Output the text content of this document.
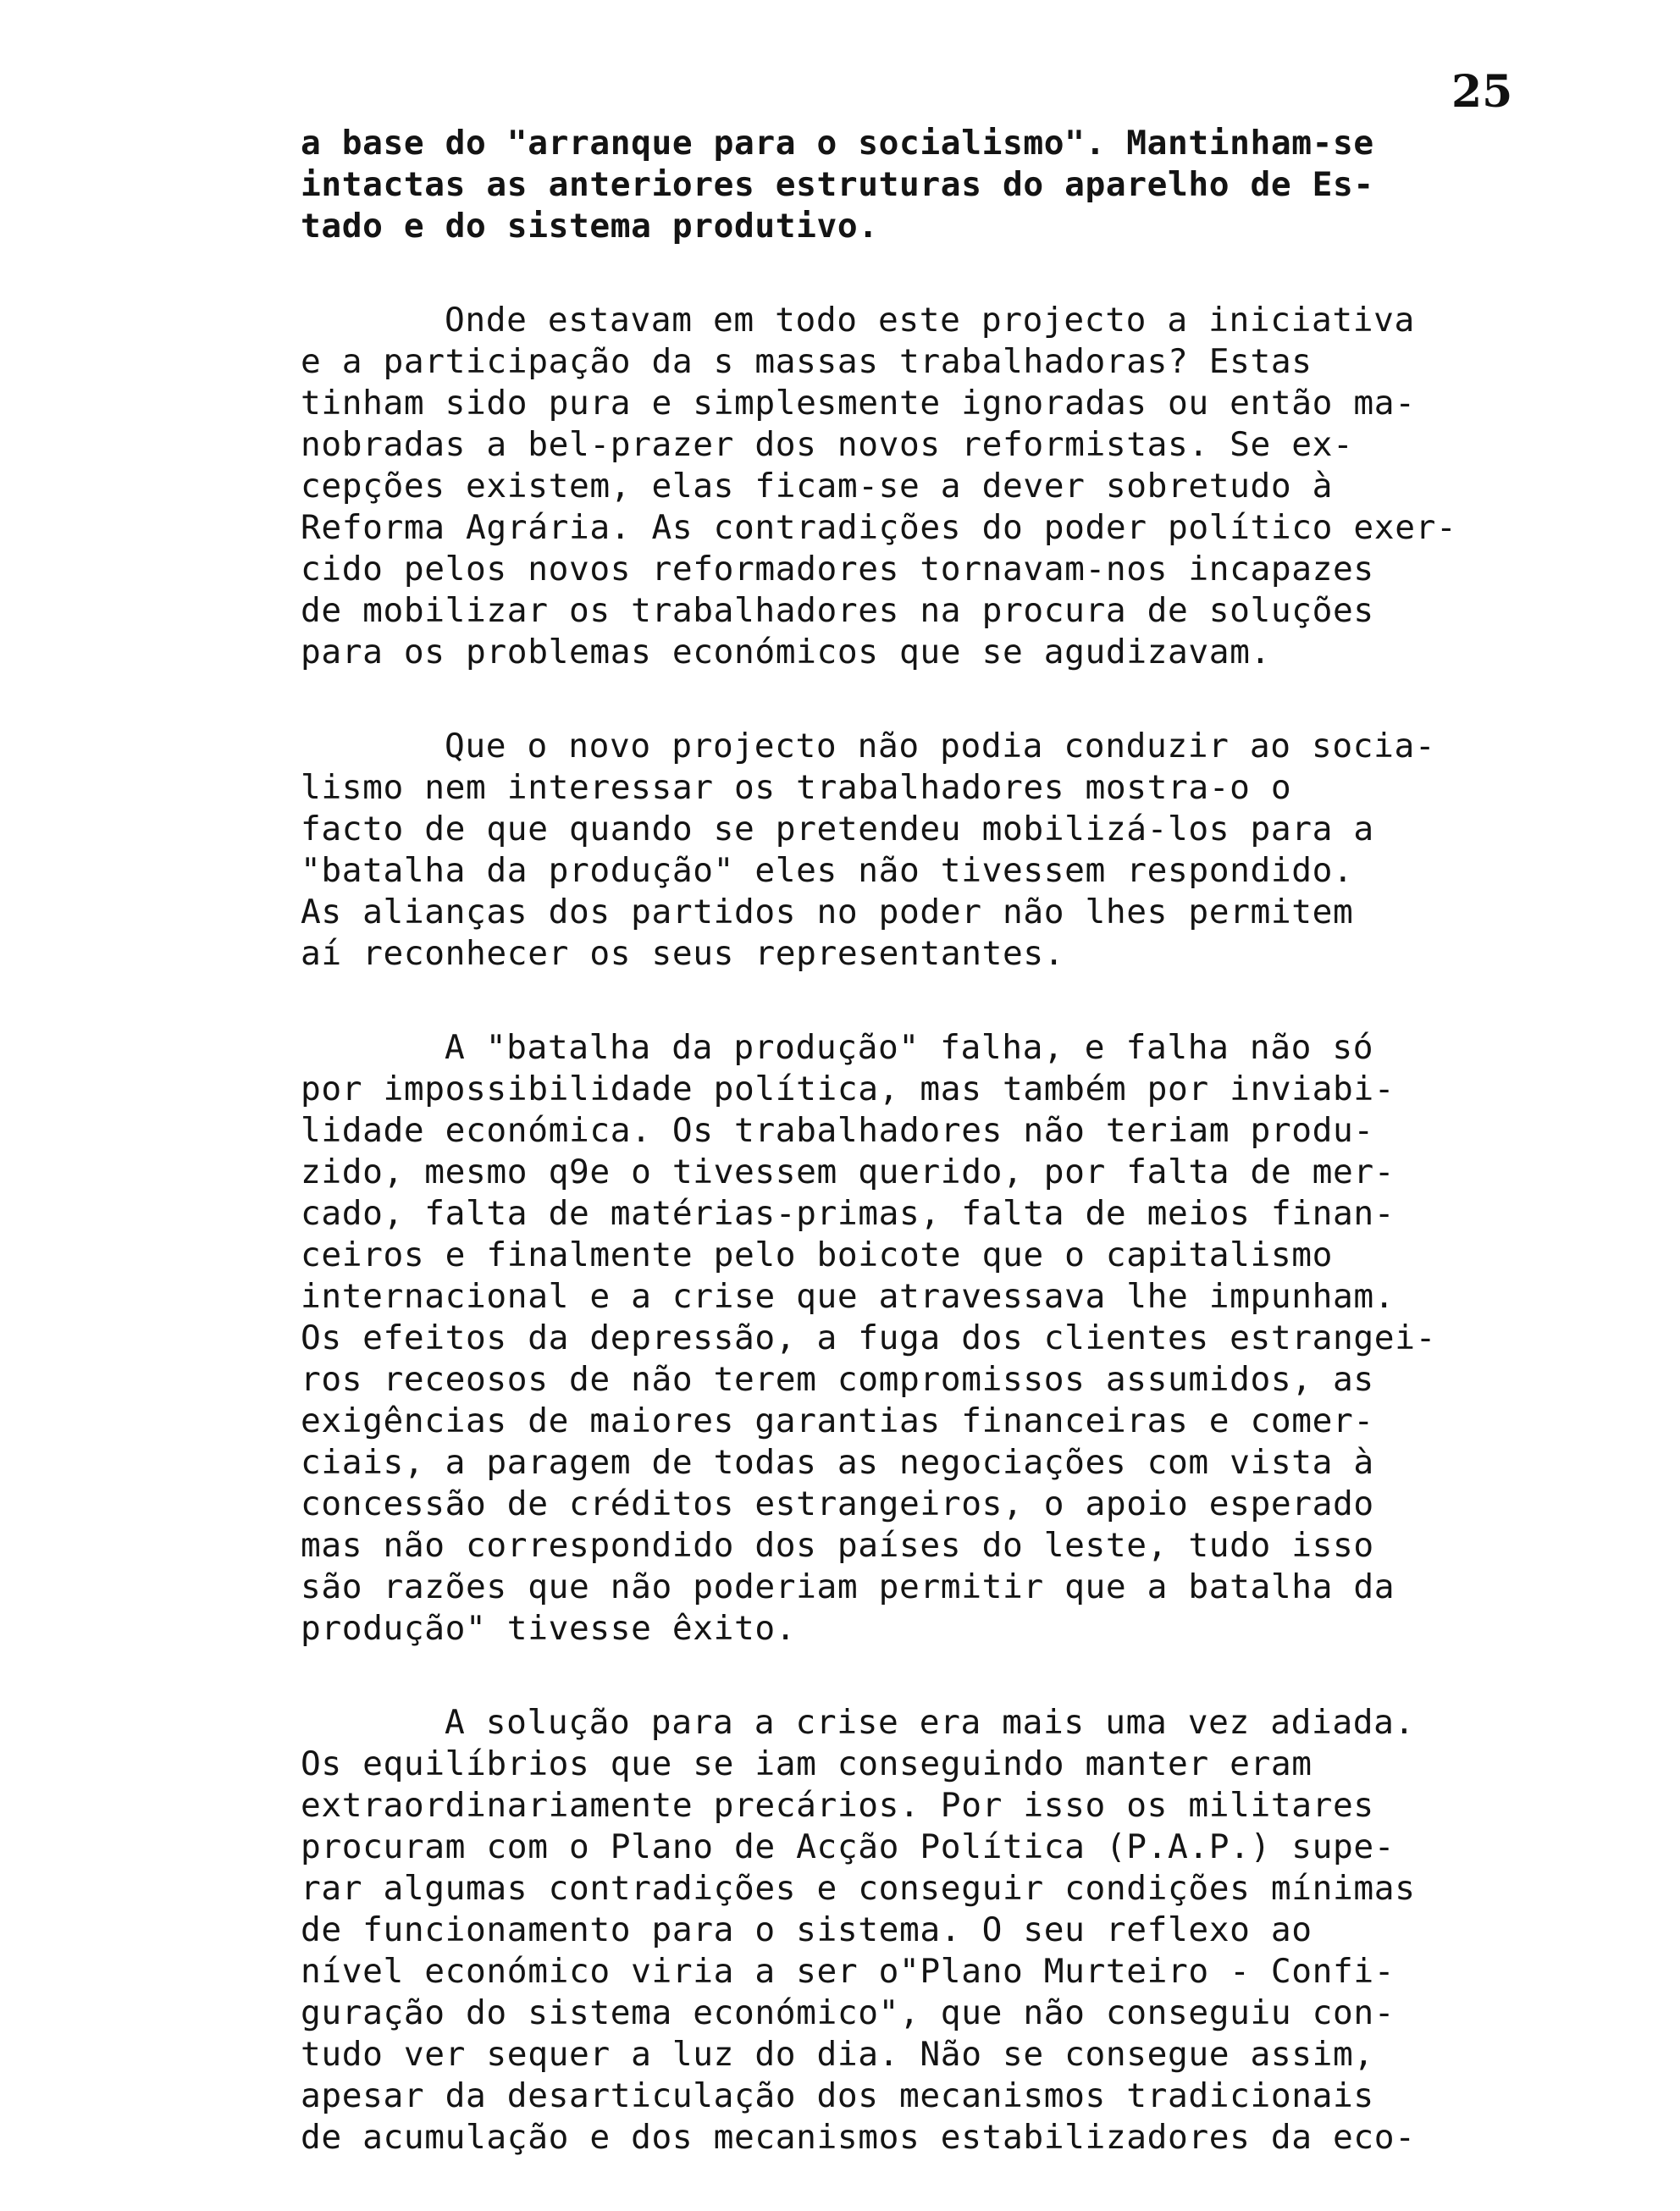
25
a base do "arranque para o socialismo". Mantinham-se
intactas as anteriores estruturas do aparelho de Es-
tado e do sistema produtivo.
Onde estavam em todo este projecto a iniciativa
e a participação da s massas trabalhadoras? Estas
tinham sido pura e simplesmente ignoradas ou então ma-
nobradas a bel-prazer dos novos reformistas. Se ex-
cepções existem, elas ficam-se a dever sobretudo à
Reforma Agrária. As contradições do poder político exer-
cido pelos novos reformadores tornavam-nos incapazes
de mobilizar os trabalhadores na procura de soluções
para os problemas económicos que se agudizavam.
Que o novo projecto não podia conduzir ao socia-
lismo nem interessar os trabalhadores mostra-o o
facto de que quando se pretendeu mobilizá-los para a
"batalha da produção" eles não tivessem respondido.
As alianças dos partidos no poder não lhes permitem
aí reconhecer os seus representantes.
A "batalha da produção" falha, e falha não só
por impossibilidade política, mas também por inviabi-
lidade económica. Os trabalhadores não teriam produ-
zido, mesmo q9e o tivessem querido, por falta de mer-
cado, falta de matérias-primas, falta de meios finan-
ceiros e finalmente pelo boicote que o capitalismo
internacional e a crise que atravessava lhe impunham.
Os efeitos da depressão, a fuga dos clientes estrangei-
ros receosos de não terem compromissos assumidos, as
exigências de maiores garantias financeiras e comer-
ciais, a paragem de todas as negociações com vista à
concessão de créditos estrangeiros, o apoio esperado
mas não correspondido dos países do leste, tudo isso
são razões que não poderiam permitir que a batalha da
produção" tivesse êxito.
A solução para a crise era mais uma vez adiada.
Os equilíbrios que se iam conseguindo manter eram
extraordinariamente precários. Por isso os militares
procuram com o Plano de Acção Política (P.A.P.) supe-
rar algumas contradições e conseguir condições mínimas
de funcionamento para o sistema. O seu reflexo ao
nível económico viria a ser o"Plano Murteiro - Confi-
guração do sistema económico", que não conseguiu con-
tudo ver sequer a luz do dia. Não se consegue assim,
apesar da desarticulação dos mecanismos tradicionais
de acumulação e dos mecanismos estabilizadores da eco-
